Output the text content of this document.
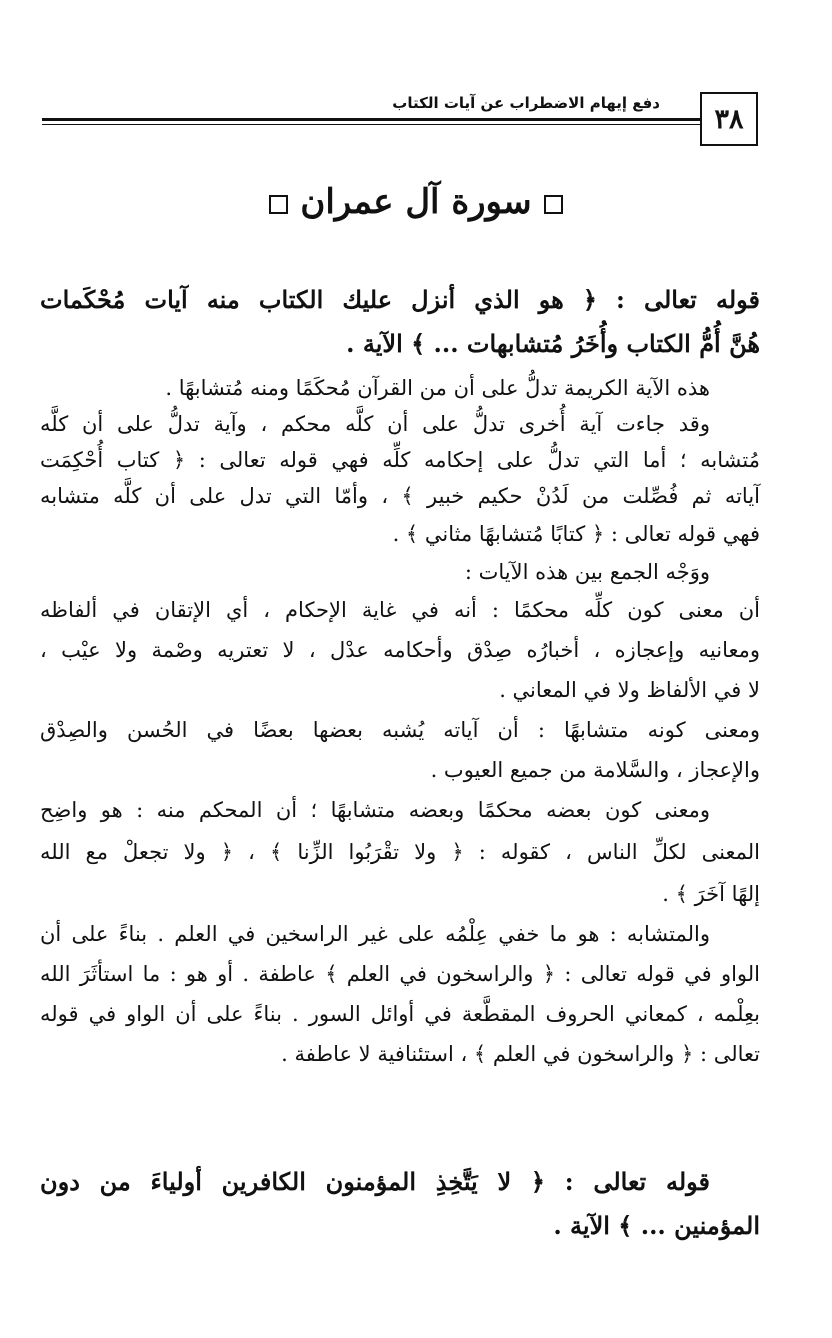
٣٨
دفع إيهام الاضطراب عن آيات الكتاب
سورة آل عمران
قوله تعالى : ﴿ هو الذي أنزل عليك الكتاب منه آيات مُحْكَمات
هُنَّ أُمُّ الكتاب وأُخَرُ مُتشابهات ... ﴾ الآية .
هذه الآية الكريمة تدلُّ على أن من القرآن مُحكَمًا ومنه مُتشابهًا .
وقد جاءت آية أُخرى تدلُّ على أن كلَّه محكم ، وآية تدلُّ على أن كلَّه
مُتشابه ؛ أما التي تدلُّ على إحكامه كلِّه فهي قوله تعالى : ﴿ كتاب أُحْكِمَت
آياته ثم فُصِّلت من لَدُنْ حكيم خبير ﴾ ، وأمّا التي تدل على أن كلَّه متشابه
فهي قوله تعالى : ﴿ كتابًا مُتشابهًا مثاني ﴾ .
ووَجْه الجمع بين هذه الآيات :
أن معنى كون كلِّه محكمًا : أنه في غاية الإحكام ، أي الإتقان في ألفاظه
ومعانيه وإعجازه ، أخبارُه صِدْق وأحكامه عدْل ، لا تعتريه وصْمة ولا عيْب ،
لا في الألفاظ ولا في المعاني .
ومعنى كونه متشابهًا : أن آياته يُشبه بعضها بعضًا في الحُسن والصِدْق
والإعجاز ، والسَّلامة من جميع العيوب .
ومعنى كون بعضه محكمًا وبعضه متشابهًا ؛ أن المحكم منه : هو واضِح
المعنى لكلِّ الناس ، كقوله : ﴿ ولا تقْرَبُوا الزِّنا ﴾ ، ﴿ ولا تجعلْ مع الله
إلهًا آخَرَ ﴾ .
والمتشابه : هو ما خفي عِلْمُه على غير الراسخين في العلم . بناءً على أن
الواو في قوله تعالى : ﴿ والراسخون في العلم ﴾ عاطفة . أو هو : ما استأثَرَ الله
بعِلْمه ، كمعاني الحروف المقطَّعة في أوائل السور . بناءً على أن الواو في قوله
تعالى : ﴿ والراسخون في العلم ﴾ ، استئنافية لا عاطفة .
قوله تعالى : ﴿ لا يَتَّخِذِ المؤمنون الكافرين أولياءَ من دون
المؤمنين ... ﴾ الآية .
